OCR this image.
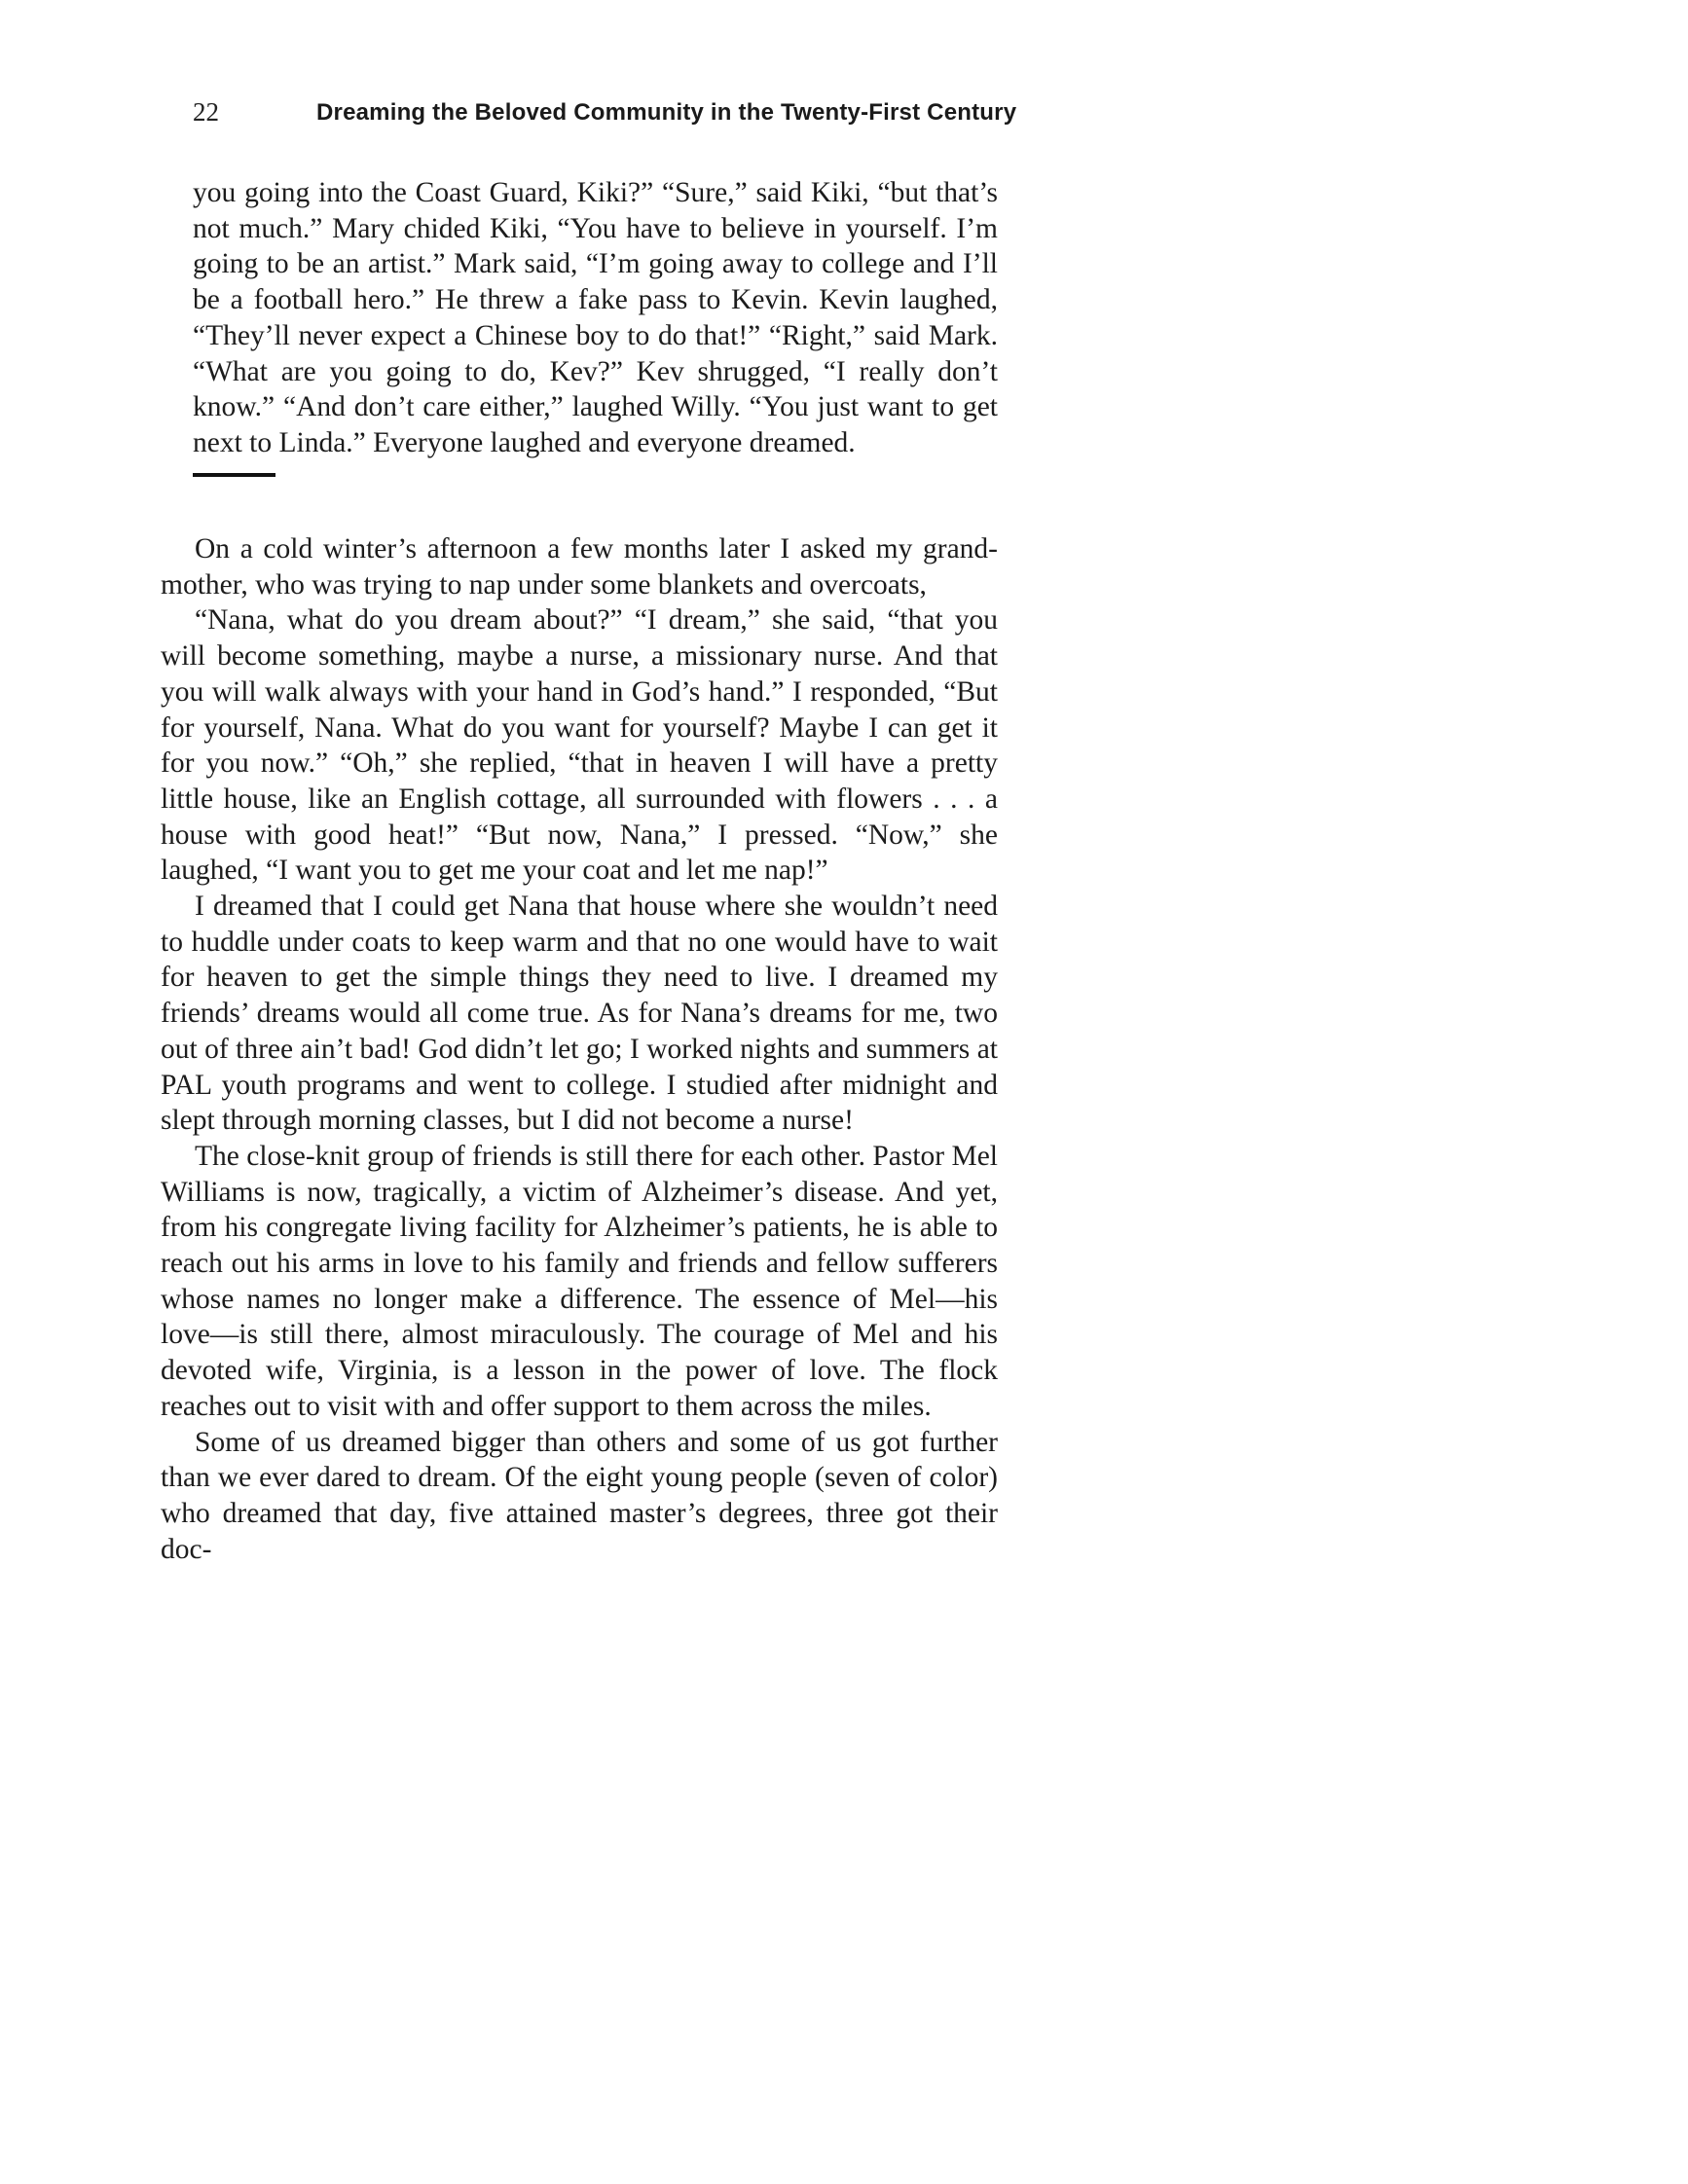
22	Dreaming the Beloved Community in the Twenty-First Century

you going into the Coast Guard, Kiki?” “Sure,” said Kiki, “but that’s not much.” Mary chided Kiki, “You have to believe in yourself. I’m going to be an artist.” Mark said, “I’m going away to college and I’ll be a football hero.” He threw a fake pass to Kevin. Kevin laughed, “They’ll never expect a Chinese boy to do that!” “Right,” said Mark. “What are you going to do, Kev?” Kev shrugged, “I really don’t know.” “And don’t care either,” laughed Willy. “You just want to get next to Linda.” Everyone laughed and everyone dreamed.

On a cold winter’s afternoon a few months later I asked my grandmother, who was trying to nap under some blankets and overcoats,

“Nana, what do you dream about?” “I dream,” she said, “that you will become something, maybe a nurse, a missionary nurse. And that you will walk always with your hand in God’s hand.” I responded, “But for yourself, Nana. What do you want for yourself? Maybe I can get it for you now.” “Oh,” she replied, “that in heaven I will have a pretty little house, like an English cottage, all surrounded with flowers . . . a house with good heat!” “But now, Nana,” I pressed. “Now,” she laughed, “I want you to get me your coat and let me nap!”

I dreamed that I could get Nana that house where she wouldn’t need to huddle under coats to keep warm and that no one would have to wait for heaven to get the simple things they need to live. I dreamed my friends’ dreams would all come true. As for Nana’s dreams for me, two out of three ain’t bad! God didn’t let go; I worked nights and summers at PAL youth programs and went to college. I studied after midnight and slept through morning classes, but I did not become a nurse!

The close-knit group of friends is still there for each other. Pastor Mel Williams is now, tragically, a victim of Alzheimer’s disease. And yet, from his congregate living facility for Alzheimer’s patients, he is able to reach out his arms in love to his family and friends and fellow sufferers whose names no longer make a difference. The essence of Mel—his love—is still there, almost miraculously. The courage of Mel and his devoted wife, Virginia, is a lesson in the power of love. The flock reaches out to visit with and offer support to them across the miles.

Some of us dreamed bigger than others and some of us got further than we ever dared to dream. Of the eight young people (seven of color) who dreamed that day, five attained master’s degrees, three got their doc-
